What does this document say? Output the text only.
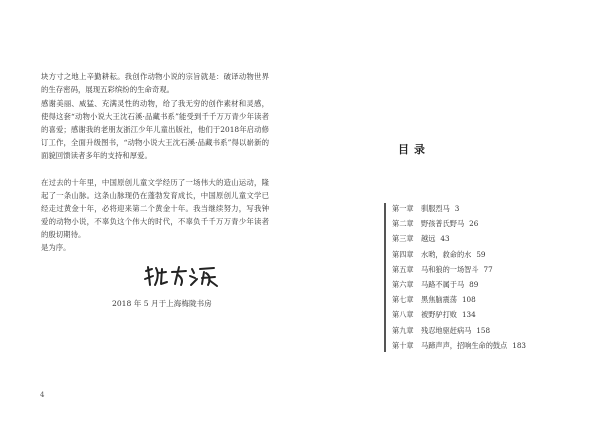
块方寸之地上辛勤耕耘。我创作动物小说的宗旨就是：破译动物世界的生存密码，展现五彩缤纷的生命奇观。

感谢美丽、威猛、充满灵性的动物，给了我无穷的创作素材和灵感，使得这套“动物小说大王沈石溪·品藏书系”能受到千千万万青少年读者的喜爱；感谢我的老朋友浙江少年儿童出版社，他们于2018年启动修订工作，全面升级图书，“动物小说大王沈石溪·品藏书系”得以崭新的面貌回馈读者多年的支持和厚爱。

在过去的十年里，中国原创儿童文学经历了一场伟大的造山运动，隆起了一条山脉。这条山脉现仍在蓬勃发育成长，中国原创儿童文学已经走过黄金十年，必将迎来第二个黄金十年。我当继续努力，写我钟爱的动物小说，不辜负这个伟大的时代，不辜负千千万万青少年读者的殷切期待。

是为序。

2018 年 5 月于上海梅陇书房
4
目录
第一章 驯服烈马 3
第二章 野孩普氏野马 26
第三章 越远 43
第四章 水哟，救命的水 59
第五章 马和狼的一场智斗 77
第六章 马路不属于马 89
第七章 黑焦脑震荡 108
第八章 被野驴打败 134
第九章 残忍地驱赶病马 158
第十章 马蹄声声，招响生命的鼓点 183
